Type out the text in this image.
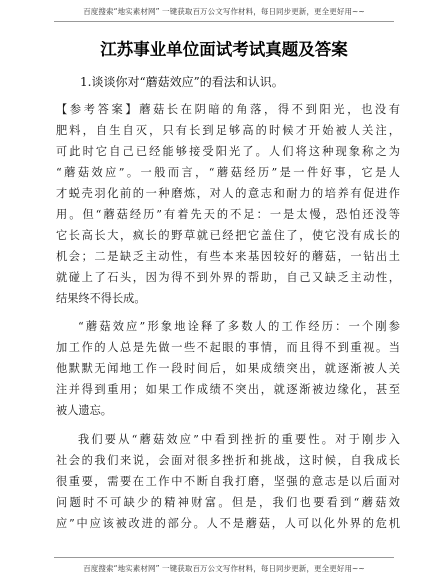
百度搜索“地实素材网” 一键获取百万公文写作材料，每日同步更新，更全更好用~~
江苏事业单位面试考试真题及答案
1.谈谈你对“蘑菇效应”的看法和认识。
【参考答案】蘑菇长在阴暗的角落，得不到阳光，也没有
肥料，自生自灭，只有长到足够高的时候才开始被人关注，
可此时它自己已经能够接受阳光了。人们将这种现象称之为
“蘑菇效应”。一般而言，“蘑菇经历”是一件好事，它是人
才蜕壳羽化前的一种磨炼，对人的意志和耐力的培养有促进作
用。但“蘑菇经历”有着先天的不足：一是太慢，恐怕还没等
它长高长大，疯长的野草就已经把它盖住了，使它没有成长的
机会；二是缺乏主动性，有些本来基因较好的蘑菇，一钻出土
就碰上了石头，因为得不到外界的帮助，自己又缺乏主动性，
结果终不得长成。
“蘑菇效应”形象地诠释了多数人的工作经历：一个刚参
加工作的人总是先做一些不起眼的事情，而且得不到重视。当
他默默无闻地工作一段时间后，如果成绩突出，就逐渐被人关
注并得到重用；如果工作成绩不突出，就逐渐被边缘化，甚至
被人遗忘。
我们要从“蘑菇效应”中看到挫折的重要性。对于刚步入
社会的我们来说，会面对很多挫折和挑战，这时候，自我成长
很重要，需要在工作中不断自我打磨，坚强的意志是以后面对
问题时不可缺少的精神财富。但是，我们也要看到“蘑菇效
应”中应该被改进的部分。人不是蘑菇，人可以化外界的危机
百度搜索“地实素材网” 一键获取百万公文写作材料，每日同步更新，更全更好用~~
